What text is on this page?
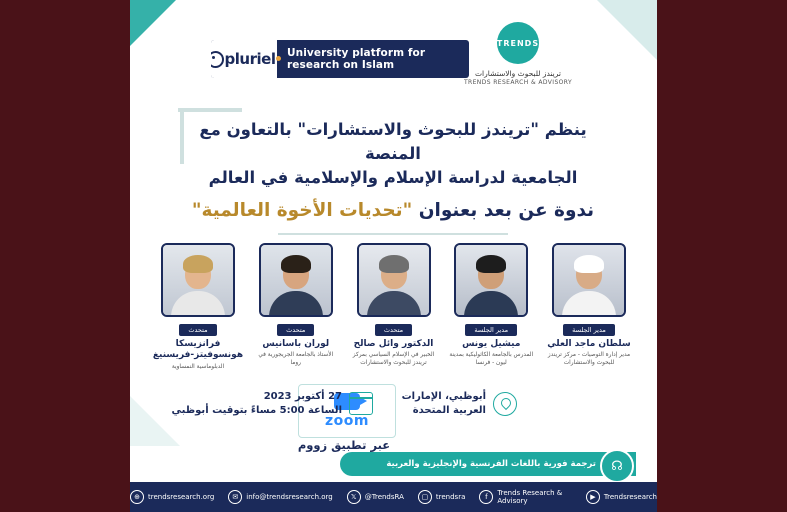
pluriel	University platform for research on Islam
TRENDS
تريندز للبحوث والاستشارات
TRENDS RESEARCH & ADVISORY
ينظم "تريندز للبحوث والاستشارات" بالتعاون مع المنصة
الجامعية لدراسة الإسلام والإسلامية في العالم
ندوة عن بعد بعنوان "تحديات الأخوة العالمية"
مدير الجلسة
سلطان ماجد العلي
مدير إدارة التوصيات - مركز تريندز للبحوث والاستشارات
مدير الجلسة
ميشيل يونس
المدرس بالجامعة الكاثوليكية بمدينة ليون - فرنسا
متحدث
الدكتور وائل صالح
الخبير في الإسلام السياسي بمركز تريندز للبحوث والاستشارات
متحدث
لوران باسانيس
الأستاذ بالجامعة الجريجورية في روما
متحدث
فرانزيسكا هونسوفيتز-فريسنيغ
الدبلوماسية النمساوية
zoom
عبر تطبيق زووم
أبوظبي، الإمارات
العربية المتحدة
27 أكتوبر 2023
الساعة 5:00 مساءً بتوقيت أبوظبي
ترجمة فورية باللغات الفرنسية والإنجليزية والعربية	☊
⊕	trendsresearch.org	✉	info@trendsresearch.org	𝕏	@TrendsRA	▢	trendsra	f	Trends Research & Advisory
▶	Trendsresearch
